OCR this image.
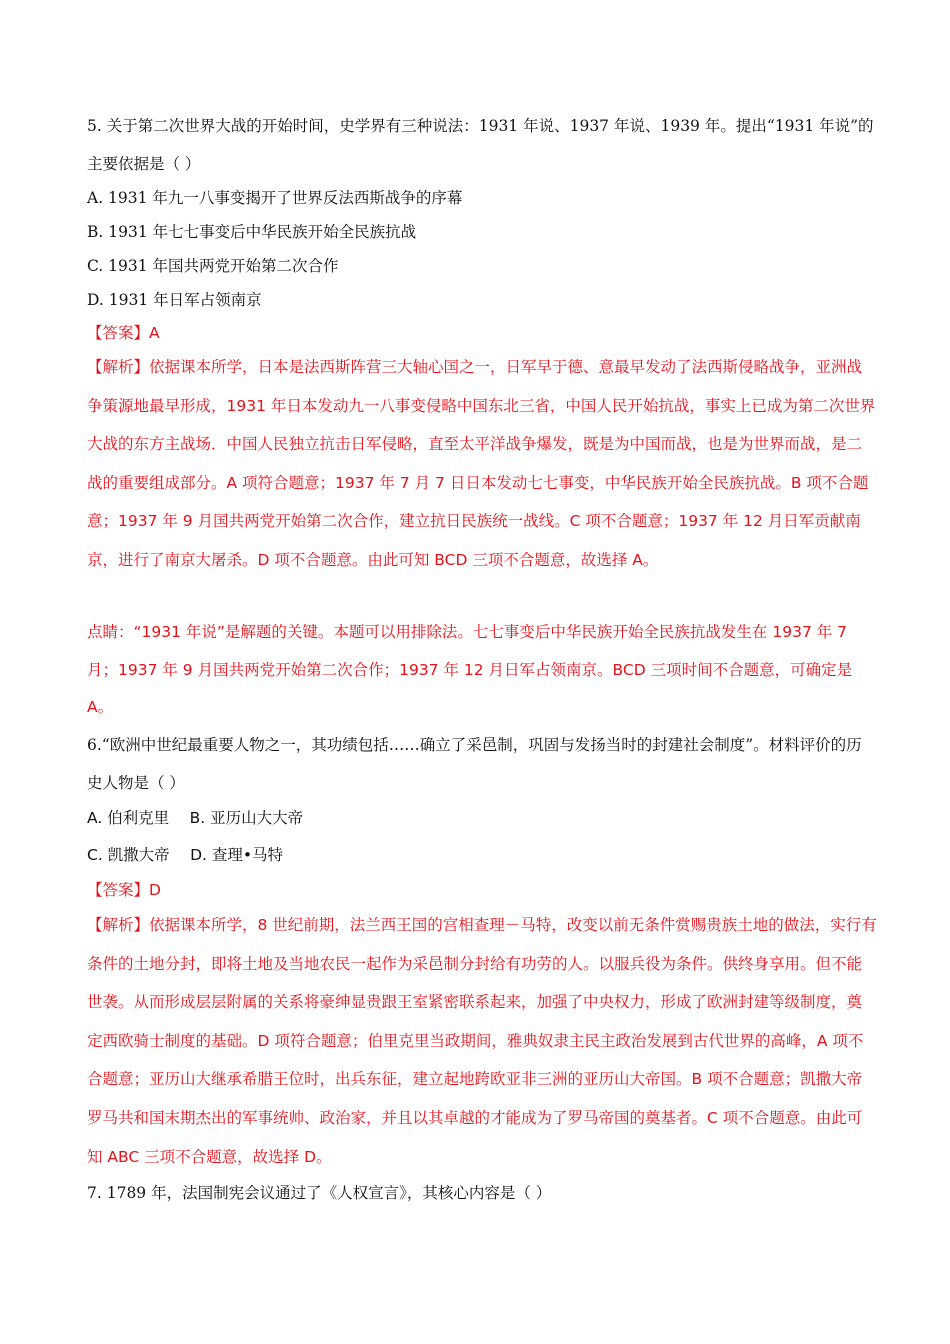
5. 关于第二次世界大战的开始时间，史学界有三种说法：1931 年说、1937 年说、1939 年。提出“1931 年说”的主要依据是（ ）

A. 1931 年九一八事变揭开了世界反法西斯战争的序幕

B. 1931 年七七事变后中华民族开始全民族抗战

C. 1931 年国共两党开始第二次合作

D. 1931 年日军占领南京

【答案】A

【解析】依据课本所学，日本是法西斯阵营三大轴心国之一，日军早于德、意最早发动了法西斯侵略战争，亚洲战争策源地最早形成，1931 年日本发动九一八事变侵略中国东北三省，中国人民开始抗战，事实上已成为第二次世界大战的东方主战场．中国人民独立抗击日军侵略，直至太平洋战争爆发，既是为中国而战，也是为世界而战，是二战的重要组成部分。A 项符合题意；1937 年 7 月 7 日日本发动七七事变，中华民族开始全民族抗战。B 项不合题意；1937 年 9 月国共两党开始第二次合作，建立抗日民族统一战线。C 项不合题意；1937 年 12 月日军贡献南京，进行了南京大屠杀。D 项不合题意。由此可知 BCD 三项不合题意，故选择 A。

点睛：“1931 年说”是解题的关键。本题可以用排除法。七七事变后中华民族开始全民族抗战发生在 1937 年 7 月；1937 年 9 月国共两党开始第二次合作；1937 年 12 月日军占领南京。BCD 三项时间不合题意，可确定是 A。

6.“欧洲中世纪最重要人物之一，其功绩包括……确立了采邑制，巩固与发扬当时的封建社会制度”。材料评价的历史人物是（ ）

A. 伯利克里　 B. 亚历山大大帝

C. 凯撒大帝　 D. 查理•马特

【答案】D

【解析】依据课本所学，8 世纪前期，法兰西王国的宫相查理－马特，改变以前无条件赏赐贵族土地的做法，实行有条件的土地分封，即将土地及当地农民一起作为采邑制分封给有功劳的人。以服兵役为条件。供终身享用。但不能世袭。从而形成层层附属的关系将豪绅显贵跟王室紧密联系起来，加强了中央权力，形成了欧洲封建等级制度，奠定西欧骑士制度的基础。D 项符合题意；伯里克里当政期间，雅典奴隶主民主政治发展到古代世界的高峰，A 项不合题意；亚历山大继承希腊王位时，出兵东征，建立起地跨欧亚非三洲的亚历山大帝国。B 项不合题意；凯撒大帝罗马共和国末期杰出的军事统帅、政治家，并且以其卓越的才能成为了罗马帝国的奠基者。C 项不合题意。由此可知 ABC 三项不合题意，故选择 D。

7. 1789 年，法国制宪会议通过了《人权宣言》，其核心内容是（ ）
